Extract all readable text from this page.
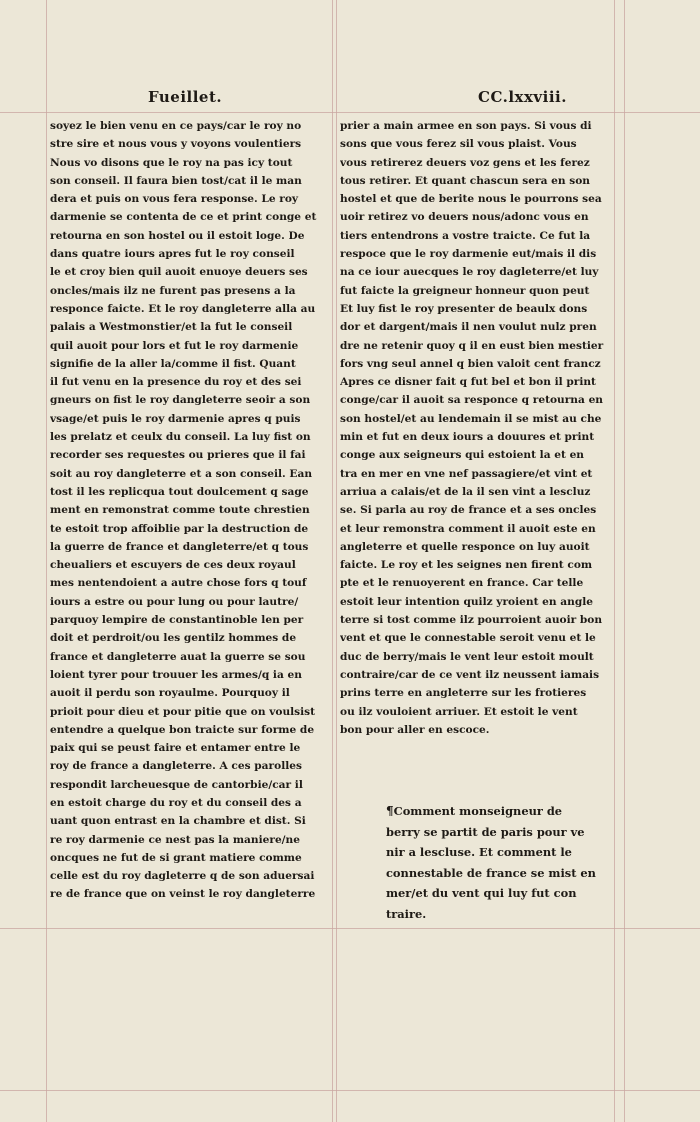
Fueillet.	CC.lxxviii.
soyez le bien venu en ce pays/car le roy no
stre sire et nous vous y voyons voulentiers
Nous vo disons que le roy na pas icy tout
son conseil. Il faura bien tost/cat il le man
dera et puis on vous fera response. Le roy
darmenie se contenta de ce et print conge et
retourna en son hostel ou il estoit loge. De
dans quatre iours apres fut le roy conseil
le et croy bien quil auoit enuoye deuers ses
oncles/mais ilz ne furent pas presens a la
responce faicte. Et le roy dangleterre alla au
palais a Westmonstier/et la fut le conseil
quil auoit pour lors et fut le roy darmenie
signifie de la aller la/comme il fist. Quant
il fut venu en la presence du roy et des sei
gneurs on fist le roy dangleterre seoir a son
vsage/et puis le roy darmenie apres q puis
les prelatz et ceulx du conseil. La luy fist on
recorder ses requestes ou prieres que il fai
soit au roy dangleterre et a son conseil. Ean
tost il les replicqua tout doulcement q sage
ment en remonstrat comme toute chrestien
te estoit trop affoiblie par la destruction de
la guerre de france et dangleterre/et q tous
cheualiers et escuyers de ces deux royaul
mes nentendoient a autre chose fors q touf
iours a estre ou pour lung ou pour lautre/
parquoy lempire de constantinoble len per
doit et perdroit/ou les gentilz hommes de
france et dangleterre auat la guerre se sou
loient tyrer pour trouuer les armes/q ia en
auoit il perdu son royaulme. Pourquoy il
prioit pour dieu et pour pitie que on voulsist
entendre a quelque bon traicte sur forme de
paix qui se peust faire et entamer entre le
roy de france a dangleterre. A ces parolles
respondit larcheuesque de cantorbie/car il
en estoit charge du roy et du conseil des a
uant quon entrast en la chambre et dist. Si
re roy darmenie ce nest pas la maniere/ne
oncques ne fut de si grant matiere comme
celle est du roy dagleterre q de son aduersai
re de france que on veinst le roy dangleterre
prier a main armee en son pays. Si vous di
sons que vous ferez sil vous plaist. Vous
vous retirerez deuers voz gens et les ferez
tous retirer. Et quant chascun sera en son
hostel et que de berite nous le pourrons sea
uoir retirez vo deuers nous/adonc vous en
tiers entendrons a vostre traicte. Ce fut la
respoce que le roy darmenie eut/mais il dis
na ce iour auecques le roy dagleterre/et luy
fut faicte la greigneur honneur quon peut
Et luy fist le roy presenter de beaulx dons
dor et dargent/mais il nen voulut nulz pren
dre ne retenir quoy q il en eust bien mestier
fors vng seul annel q bien valoit cent francz
Apres ce disner fait q fut bel et bon il print
conge/car il auoit sa responce q retourna en
son hostel/et au lendemain il se mist au che
min et fut en deux iours a douures et print
conge aux seigneurs qui estoient la et en
tra en mer en vne nef passagiere/et vint et
arriua a calais/et de la il sen vint a lescluz
se. Si parla au roy de france et a ses oncles
et leur remonstra comment il auoit este en
angleterre et quelle responce on luy auoit
faicte. Le roy et les seignes nen firent com
pte et le renuoyerent en france. Car telle
estoit leur intention quilz yroient en angle
terre si tost comme ilz pourroient auoir bon
vent et que le connestable seroit venu et le
duc de berry/mais le vent leur estoit moult
contraire/car de ce vent ilz neussent iamais
prins terre en angleterre sur les frotieres
ou ilz vouloient arriuer. Et estoit le vent
bon pour aller en escoce.
¶Comment monseigneur de
berry se partit de paris pour ve
nir a lescluse. Et comment le
connestable de france se mist en
mer/et du vent qui luy fut con
traire.
